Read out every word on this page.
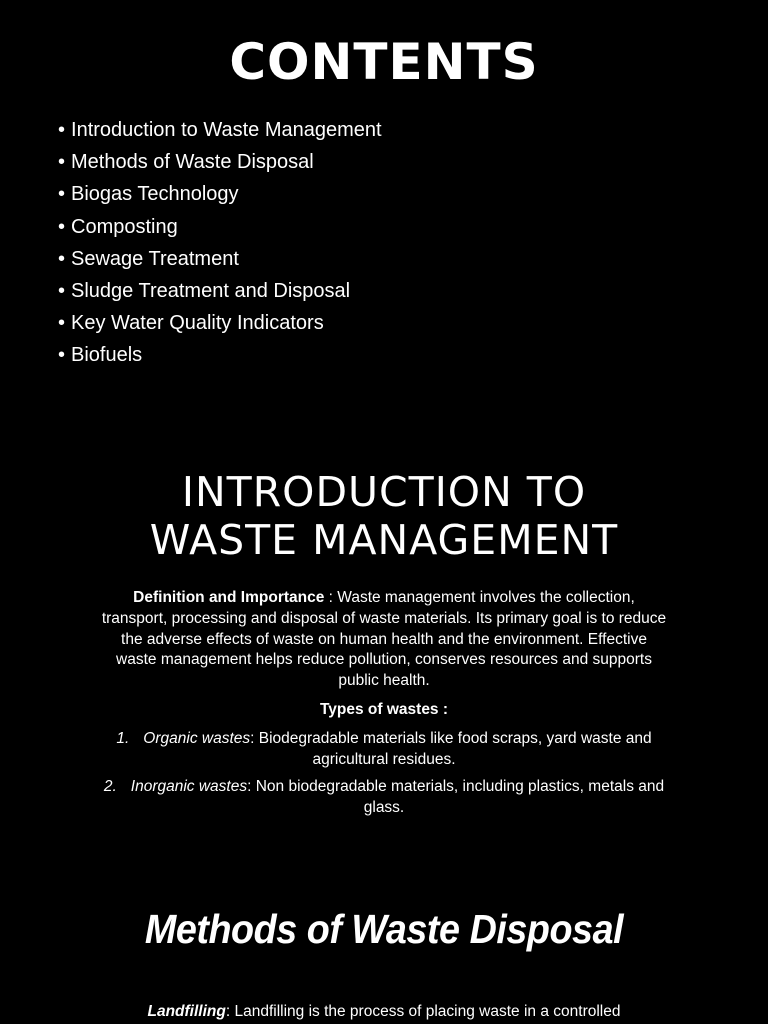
CONTENTS
• Introduction to Waste Management
• Methods of Waste Disposal
• Biogas Technology
• Composting
• Sewage Treatment
• Sludge Treatment and Disposal
• Key Water Quality Indicators
• Biofuels
INTRODUCTION TO
WASTE MANAGEMENT

Definition and Importance : Waste management involves the collection, transport, processing and disposal of waste materials. Its primary goal is to reduce the adverse effects of waste on human health and the environment. Effective waste management helps reduce pollution, conserves resources and supports public health.

Types of wastes :

1. Organic wastes: Biodegradable materials like food scraps, yard waste and agricultural residues.
2. Inorganic wastes: Non biodegradable materials, including plastics, metals and glass.
Methods of Waste Disposal

Landfilling: Landfilling is the process of placing waste in a controlled
